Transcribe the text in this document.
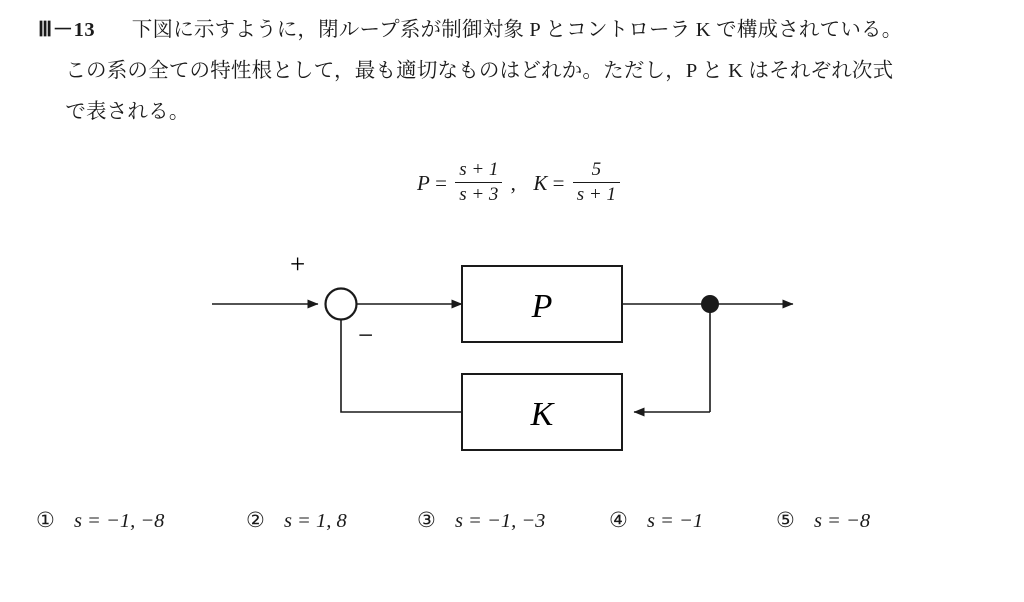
Ⅲ－13 下図に示すように，閉ループ系が制御対象 P とコントローラ K で構成されている。
この系の全ての特性根として，最も適切なものはどれか。ただし，P と K はそれぞれ次式
で表される。
$P = \frac{s + 1}{s + 3}$ , $K = \frac{5}{s + 1}$
+
−
P
K
① s = −1, −8	② s = 1, 8	③ s = −1, −3	④ s = −1	⑤ s = −8
